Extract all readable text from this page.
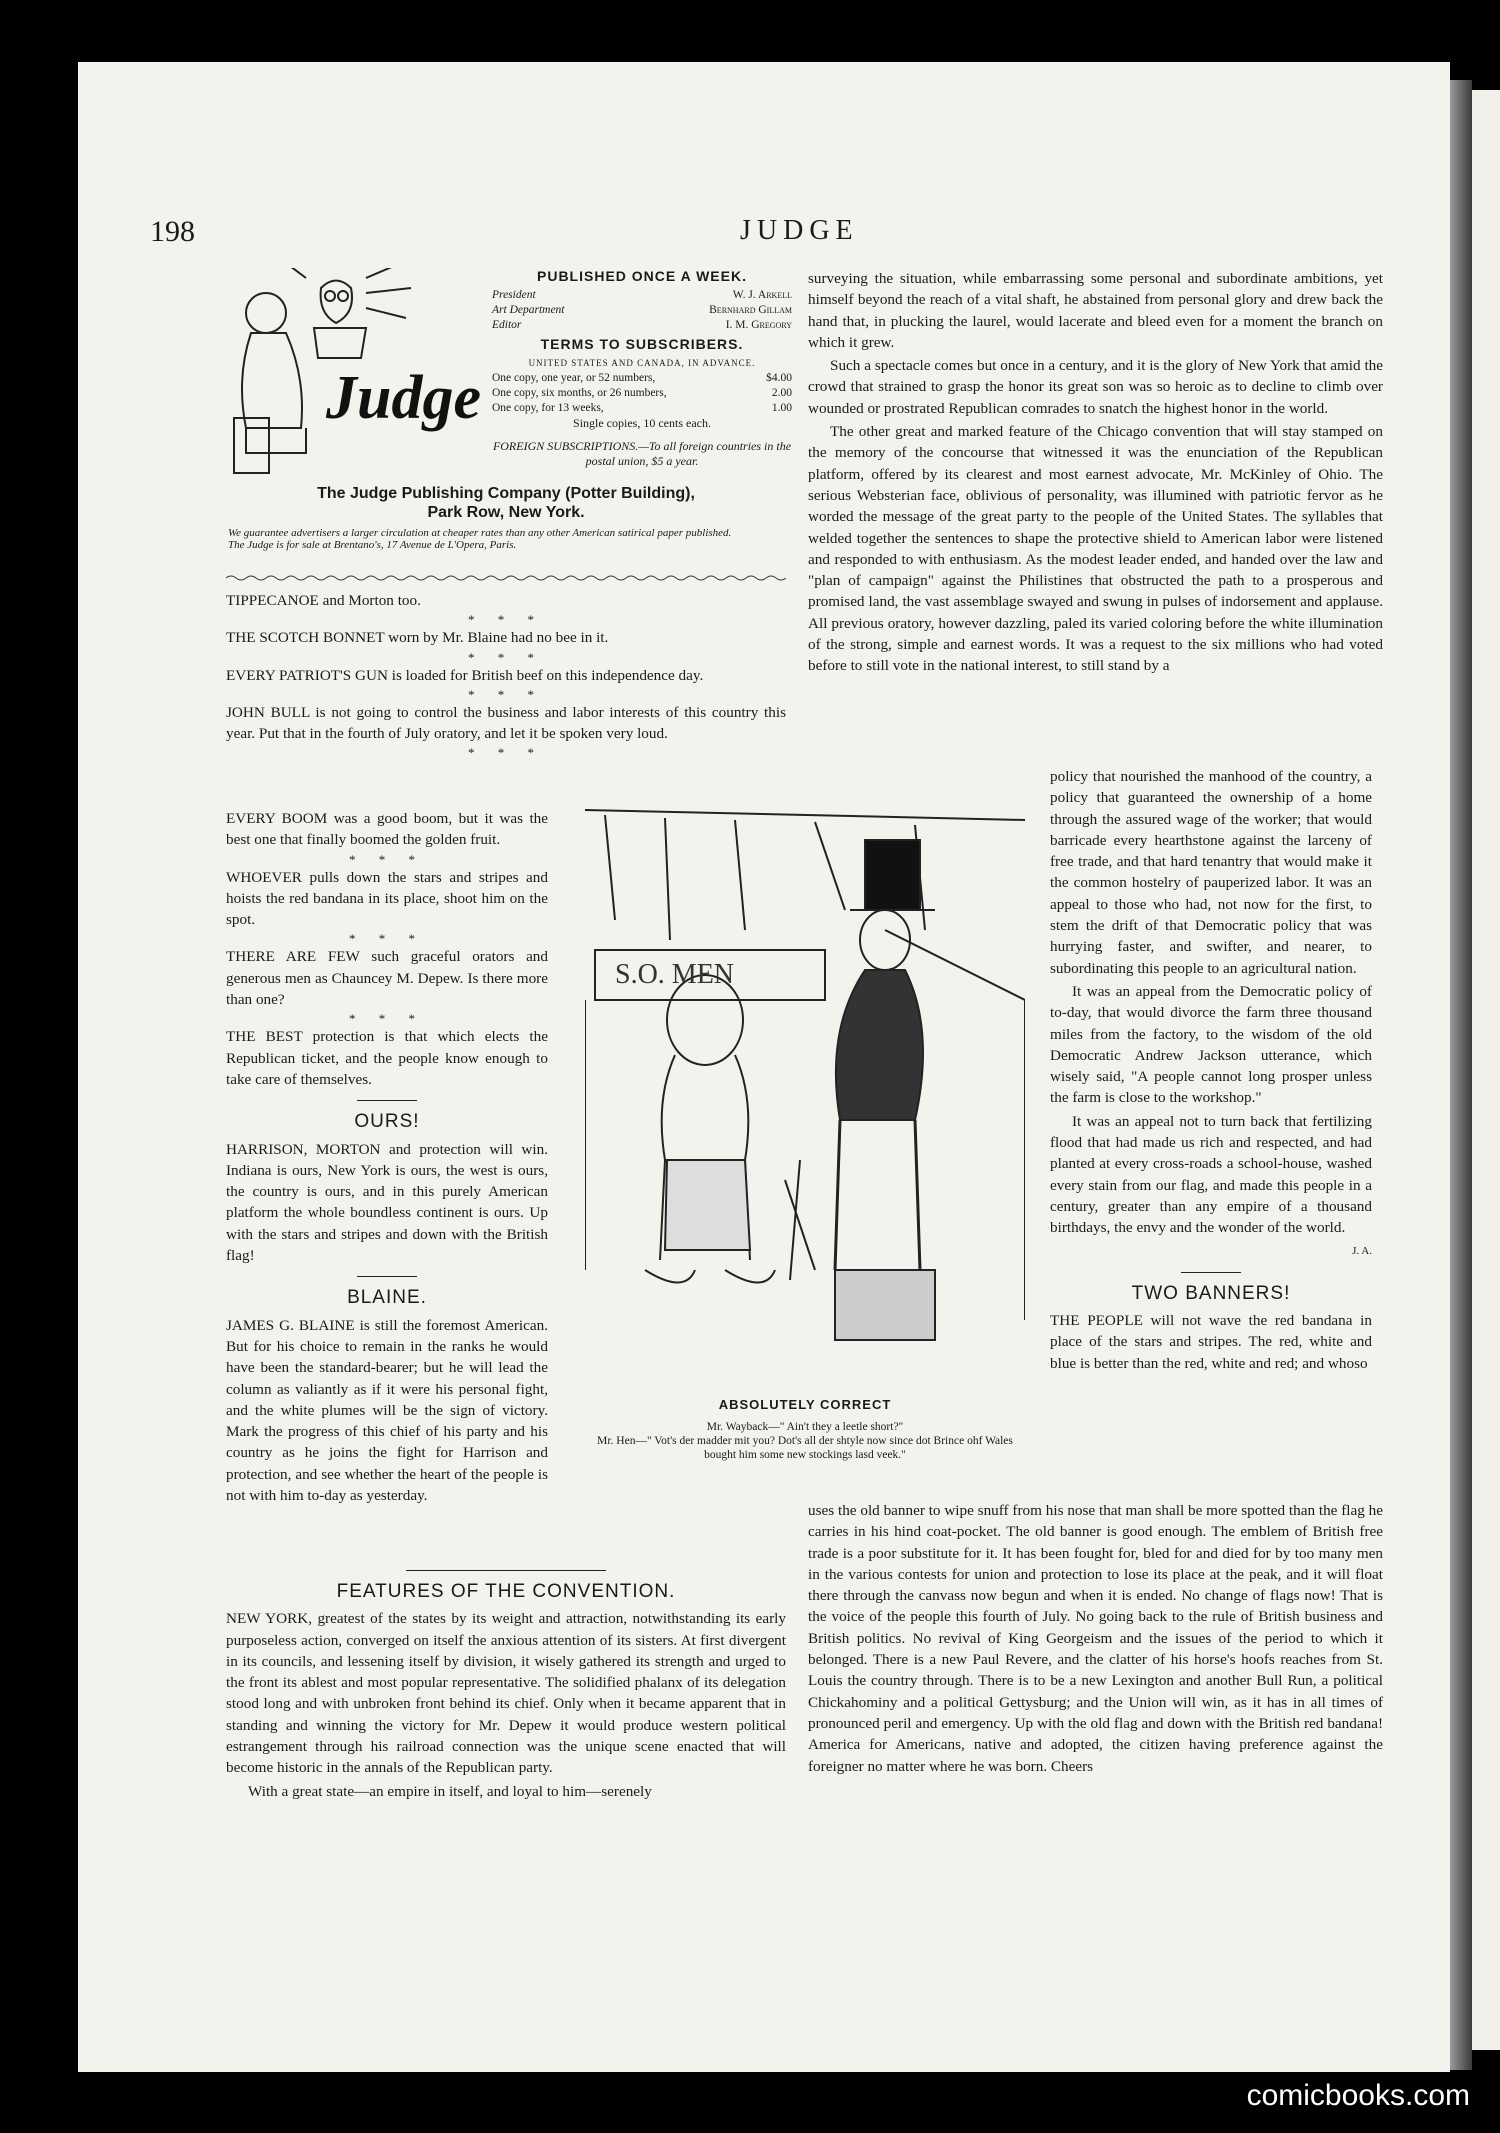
198	JUDGE
Judge
PUBLISHED ONCE A WEEK.
President	W. J. Arkell
Art Department	Bernhard Gillam
Editor	I. M. Gregory
TERMS TO SUBSCRIBERS.
UNITED STATES AND CANADA, IN ADVANCE.
One copy, one year, or 52 numbers,	$4.00
One copy, six months, or 26 numbers,	2.00
One copy, for 13 weeks,	1.00
Single copies, 10 cents each.
FOREIGN SUBSCRIPTIONS.—To all foreign countries in the postal union, $5 a year.
The Judge Publishing Company (Potter Building),
Park Row, New York.
We guarantee advertisers a larger circulation at cheaper rates than any other American satirical paper published.
The Judge is for sale at Brentano's, 17 Avenue de L'Opera, Paris.

TIPPECANOE and Morton too.

* * *

THE SCOTCH BONNET worn by Mr. Blaine had no bee in it.

* * *

EVERY PATRIOT'S GUN is loaded for British beef on this independence day.

* * *

JOHN BULL is not going to control the business and labor interests of this country this year. Put that in the fourth of July oratory, and let it be spoken very loud.

* * *

EVERY BOOM was a good boom, but it was the best one that finally boomed the golden fruit.

* * *

WHOEVER pulls down the stars and stripes and hoists the red bandana in its place, shoot him on the spot.

* * *

THERE ARE FEW such graceful orators and generous men as Chauncey M. Depew. Is there more than one?

* * *

THE BEST protection is that which elects the Republican ticket, and the people know enough to take care of themselves.

OURS!

HARRISON, MORTON and protection will win. Indiana is ours, New York is ours, the west is ours, the country is ours, and in this purely American platform the whole boundless continent is ours. Up with the stars and stripes and down with the British flag!

BLAINE.

JAMES G. BLAINE is still the foremost American. But for his choice to remain in the ranks he would have been the standard-bearer; but he will lead the column as valiantly as if it were his personal fight, and the white plumes will be the sign of victory. Mark the progress of this chief of his party and his country as he joins the fight for Harrison and protection, and see whether the heart of the people is not with him to-day as yesterday.

FEATURES OF THE CONVENTION.

NEW YORK, greatest of the states by its weight and attraction, notwithstanding its early purposeless action, converged on itself the anxious attention of its sisters. At first divergent in its councils, and lessening itself by division, it wisely gathered its strength and urged to the front its ablest and most popular representative. The solidified phalanx of its delegation stood long and with unbroken front behind its chief. Only when it became apparent that in standing and winning the victory for Mr. Depew it would produce western political estrangement through his railroad connection was the unique scene enacted that will become historic in the annals of the Republican party.

With a great state—an empire in itself, and loyal to him—serenely

S.O. MEN
ABSOLUTELY CORRECT
Mr. Wayback—" Ain't they a leetle short?"
Mr. Hen—" Vot's der madder mit you? Dot's all der shtyle now since dot Brince ohf Wales bought him some new stockings lasd veek."

surveying the situation, while embarrassing some personal and subordinate ambitions, yet himself beyond the reach of a vital shaft, he abstained from personal glory and drew back the hand that, in plucking the laurel, would lacerate and bleed even for a moment the branch on which it grew.

Such a spectacle comes but once in a century, and it is the glory of New York that amid the crowd that strained to grasp the honor its great son was so heroic as to decline to climb over wounded or prostrated Republican comrades to snatch the highest honor in the world.

The other great and marked feature of the Chicago convention that will stay stamped on the memory of the concourse that witnessed it was the enunciation of the Republican platform, offered by its clearest and most earnest advocate, Mr. McKinley of Ohio. The serious Websterian face, oblivious of personality, was illumined with patriotic fervor as he worded the message of the great party to the people of the United States. The syllables that welded together the sentences to shape the protective shield to American labor were listened and responded to with enthusiasm. As the modest leader ended, and handed over the law and "plan of campaign" against the Philistines that obstructed the path to a prosperous and promised land, the vast assemblage swayed and swung in pulses of indorsement and applause. All previous oratory, however dazzling, paled its varied coloring before the white illumination of the strong, simple and earnest words. It was a request to the six millions who had voted before to still vote in the national interest, to still stand by a

policy that nourished the manhood of the country, a policy that guaranteed the ownership of a home through the assured wage of the worker; that would barricade every hearthstone against the larceny of free trade, and that hard tenantry that would make it the common hostelry of pauperized labor. It was an appeal to those who had, not now for the first, to stem the drift of that Democratic policy that was hurrying faster, and swifter, and nearer, to subordinating this people to an agricultural nation.

It was an appeal from the Democratic policy of to-day, that would divorce the farm three thousand miles from the factory, to the wisdom of the old Democratic Andrew Jackson utterance, which wisely said, "A people cannot long prosper unless the farm is close to the workshop."

It was an appeal not to turn back that fertilizing flood that had made us rich and respected, and had planted at every cross-roads a school-house, washed every stain from our flag, and made this people in a century, greater than any empire of a thousand birthdays, the envy and the wonder of the world.

J. A.
TWO BANNERS!

THE PEOPLE will not wave the red bandana in place of the stars and stripes. The red, white and blue is better than the red, white and red; and whoso

uses the old banner to wipe snuff from his nose that man shall be more spotted than the flag he carries in his hind coat-pocket. The old banner is good enough. The emblem of British free trade is a poor substitute for it. It has been fought for, bled for and died for by too many men in the various contests for union and protection to lose its place at the peak, and it will float there through the canvass now begun and when it is ended. No change of flags now! That is the voice of the people this fourth of July. No going back to the rule of British business and British politics. No revival of King Georgeism and the issues of the period to which it belonged. There is a new Paul Revere, and the clatter of his horse's hoofs reaches from St. Louis the country through. There is to be a new Lexington and another Bull Run, a political Chickahominy and a political Gettysburg; and the Union will win, as it has in all times of pronounced peril and emergency. Up with the old flag and down with the British red bandana! America for Americans, native and adopted, the citizen having preference against the foreigner no matter where he was born. Cheers

comicbooks.com
